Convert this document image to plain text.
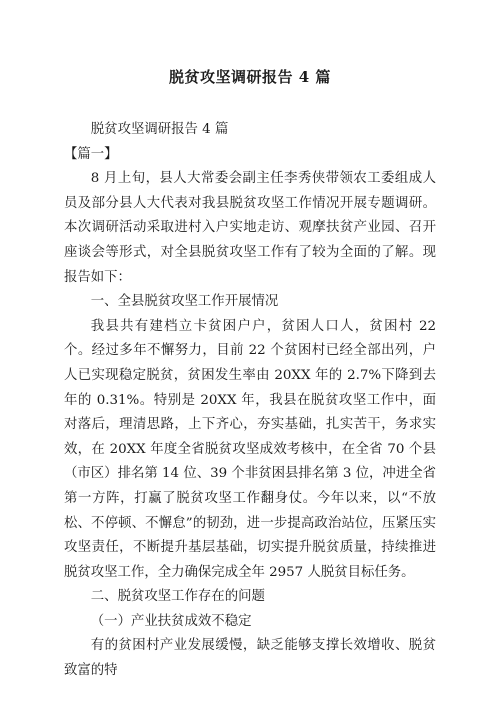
脱贫攻坚调研报告 4 篇

脱贫攻坚调研报告 4 篇

【篇一】

8 月上旬，县人大常委会副主任李秀侠带领农工委组成人员及部分县人大代表对我县脱贫攻坚工作情况开展专题调研。本次调研活动采取进村入户实地走访、观摩扶贫产业园、召开座谈会等形式，对全县脱贫攻坚工作有了较为全面的了解。现报告如下：

一、全县脱贫攻坚工作开展情况

我县共有建档立卡贫困户户，贫困人口人，贫困村 22 个。经过多年不懈努力，目前 22 个贫困村已经全部出列，户人已实现稳定脱贫，贫困发生率由 20XX 年的 2.7%下降到去年的 0.31%。特别是 20XX 年，我县在脱贫攻坚工作中，面对落后，理清思路，上下齐心，夯实基础，扎实苦干，务求实效，在 20XX 年度全省脱贫攻坚成效考核中，在全省 70 个县（市区）排名第 14 位、39 个非贫困县排名第 3 位，冲进全省第一方阵，打赢了脱贫攻坚工作翻身仗。今年以来，以“不放松、不停顿、不懈怠”的韧劲，进一步提高政治站位，压紧压实攻坚责任，不断提升基层基础，切实提升脱贫质量，持续推进脱贫攻坚工作，全力确保完成全年 2957 人脱贫目标任务。

二、脱贫攻坚工作存在的问题

（一）产业扶贫成效不稳定

有的贫困村产业发展缓慢，缺乏能够支撑长效增收、脱贫致富的特
